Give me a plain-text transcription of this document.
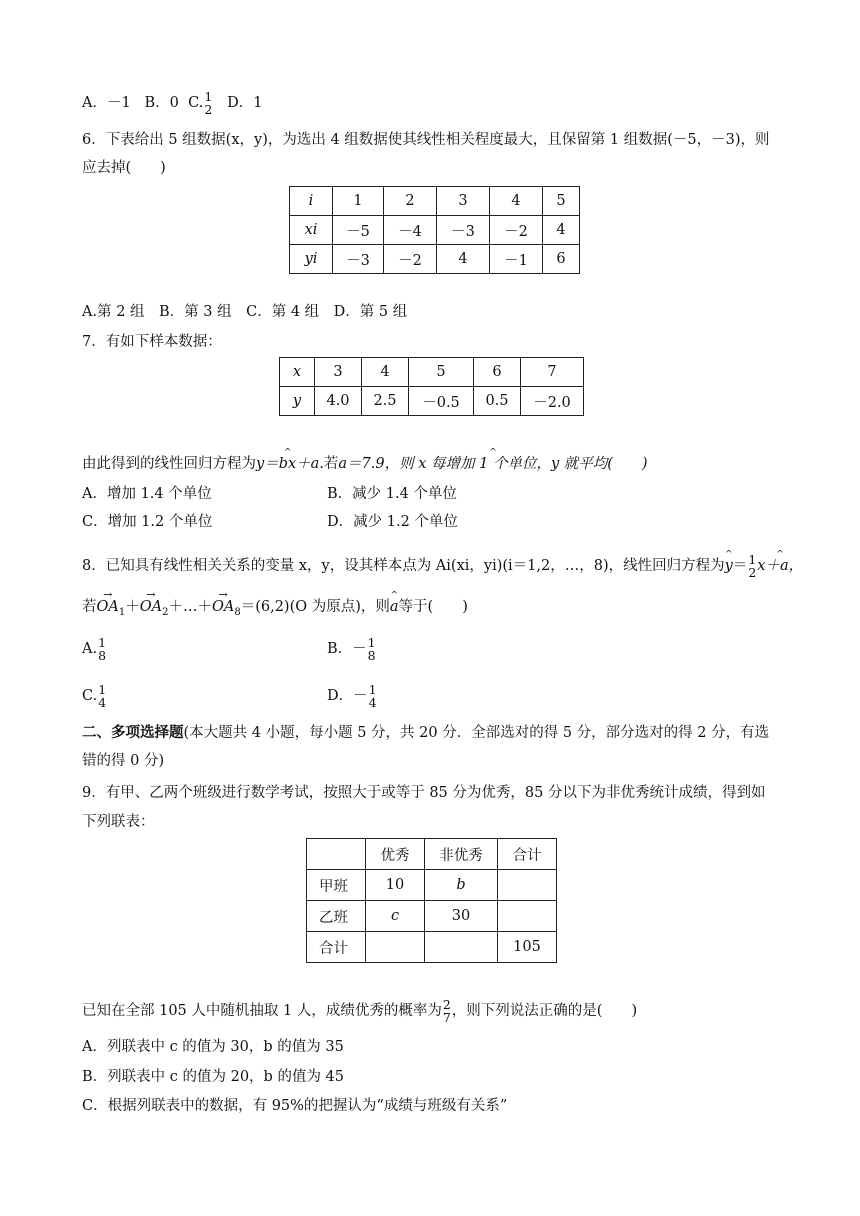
A．－1 B．0 C. 1
2 D．1
6．下表给出 5 组数据(x，y)，为选出 4 组数据使其线性相关程度最大，且保留第 1 组数据(－5，－3)，则
应去掉(　　)
i	1	2	3	4	5
xi	－5	－4	－3	－2	4
yi	－3	－2	4	－1	6
A.第 2 组　B．第 3 组　C．第 4 组　D．第 5 组
7．有如下样本数据：
x	3	4	5	6	7
y	4.0	2.5	－0.5	0.5	－2.0
由此得到的线性回归方程为^ y＝bx＋a.若^ a＝7.9，则 x 每增加 1 个单位，y 就平均(　　)
A．增加 1.4 个单位	B．减少 1.4 个单位
C．增加 1.2 个单位	D．减少 1.2 个单位
8．已知具有线性相关关系的变量 x，y，设其样本点为 Ai(xi，yi)(i＝1,2，…，8)，线性回归方程为^ y＝ 1
2 ^ x＋a，
若→ $OA_1+\to$ $OA_2+\dots+\to OA_8=(6,2)(O$ 为原点)，则^ a等于(　　)
A. 1
8	B．－ 1
8
C. 1
4	D．－ 1
4
二、多项选择题(本大题共 4 小题，每小题 5 分，共 20 分．全部选对的得 5 分，部分选对的得 2 分，有选
错的得 0 分)
9．有甲、乙两个班级进行数学考试，按照大于或等于 85 分为优秀，85 分以下为非优秀统计成绩，得到如
下列联表：
	优秀	非优秀	合计
甲班	10	b	
乙班	c	30	
合计			105
已知在全部 105 人中随机抽取 1 人，成绩优秀的概率为 2
7 ，则下列说法正确的是(　　)
A．列联表中 c 的值为 30，b 的值为 35
B．列联表中 c 的值为 20，b 的值为 45
C．根据列联表中的数据，有 95%的把握认为“成绩与班级有关系”
